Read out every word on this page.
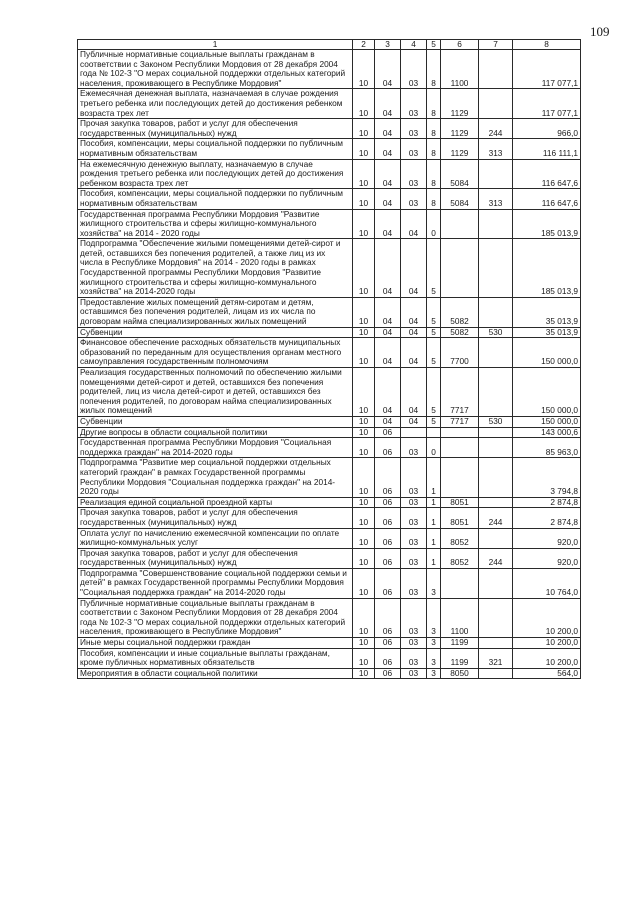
109
1	2	3	4	5	6	7	8
Публичные нормативные социальные выплаты гражданам в соответствии с Законом Республики Мордовия от 28 декабря 2004 года № 102-З "О мерах социальной поддержки отдельных категорий населения, проживающего в Республике Мордовия"	10	04	03	8	1100		117 077,1
Ежемесячная денежная выплата, назначаемая в случае рождения третьего ребенка или последующих детей до достижения ребенком возраста трех лет	10	04	03	8	1129		117 077,1
Прочая закупка товаров, работ и услуг для обеспечения государственных (муниципальных) нужд	10	04	03	8	1129	244	966,0
Пособия, компенсации, меры социальной поддержки по публичным нормативным обязательствам	10	04	03	8	1129	313	116 111,1
На ежемесячную денежную выплату, назначаемую в случае рождения третьего ребенка или последующих детей до достижения ребенком возраста трех лет	10	04	03	8	5084		116 647,6
Пособия, компенсации, меры социальной поддержки по публичным нормативным обязательствам	10	04	03	8	5084	313	116 647,6
Государственная программа Республики Мордовия "Развитие жилищного строительства и сферы жилищно-коммунального хозяйства" на 2014 - 2020 годы	10	04	04	0			185 013,9
Подпрограмма "Обеспечение жилыми помещениями детей-сирот и детей, оставшихся без попечения родителей, а также лиц из их числа в Республике Мордовия" на 2014 - 2020 годы в рамках Государственной программы Республики Мордовия "Развитие жилищного строительства и сферы жилищно-коммунального хозяйства" на 2014-2020 годы	10	04	04	5			185 013,9
Предоставление жилых помещений детям-сиротам и детям, оставшимся без попечения родителей, лицам из их числа по договорам найма специализированных жилых помещений	10	04	04	5	5082		35 013,9
Субвенции	10	04	04	5	5082	530	35 013,9
Финансовое обеспечение расходных обязательств муниципальных образований по переданным для осуществления органам местного самоуправления государственным полномочиям	10	04	04	5	7700		150 000,0
Реализация государственных полномочий по обеспечению жилыми помещениями детей-сирот и детей, оставшихся без попечения родителей, лиц из числа детей-сирот и детей, оставшихся без попечения родителей, по договорам найма специализированных жилых помещений	10	04	04	5	7717		150 000,0
Субвенции	10	04	04	5	7717	530	150 000,0
Другие вопросы в области социальной политики	10	06					143 000,6
Государственная программа Республики Мордовия "Социальная поддержка граждан" на 2014-2020 годы	10	06	03	0			85 963,0
Подпрограмма "Развитие мер социальной поддержки отдельных категорий граждан" в рамках Государственной программы Республики Мордовия "Социальная поддержка граждан" на 2014-2020 годы	10	06	03	1			3 794,8
Реализация единой социальной проездной карты	10	06	03	1	8051		2 874,8
Прочая закупка товаров, работ и услуг для обеспечения государственных (муниципальных) нужд	10	06	03	1	8051	244	2 874,8
Оплата услуг по начислению ежемесячной компенсации по оплате жилищно-коммунальных услуг	10	06	03	1	8052		920,0
Прочая закупка товаров, работ и услуг для обеспечения государственных (муниципальных) нужд	10	06	03	1	8052	244	920,0
Подпрограмма "Совершенствование социальной поддержки семьи и детей" в рамках Государственной программы Республики Мордовия "Социальная поддержка граждан" на 2014-2020 годы	10	06	03	3			10 764,0
Публичные нормативные социальные выплаты гражданам в соответствии с Законом Республики Мордовия от 28 декабря 2004 года № 102-З "О мерах социальной поддержки отдельных категорий населения, проживающего в Республике Мордовия"	10	06	03	3	1100		10 200,0
Иные меры социальной поддержки граждан	10	06	03	3	1199		10 200,0
Пособия, компенсации и иные социальные выплаты гражданам, кроме публичных нормативных обязательств	10	06	03	3	1199	321	10 200,0
Мероприятия в области социальной политики	10	06	03	3	8050		564,0
